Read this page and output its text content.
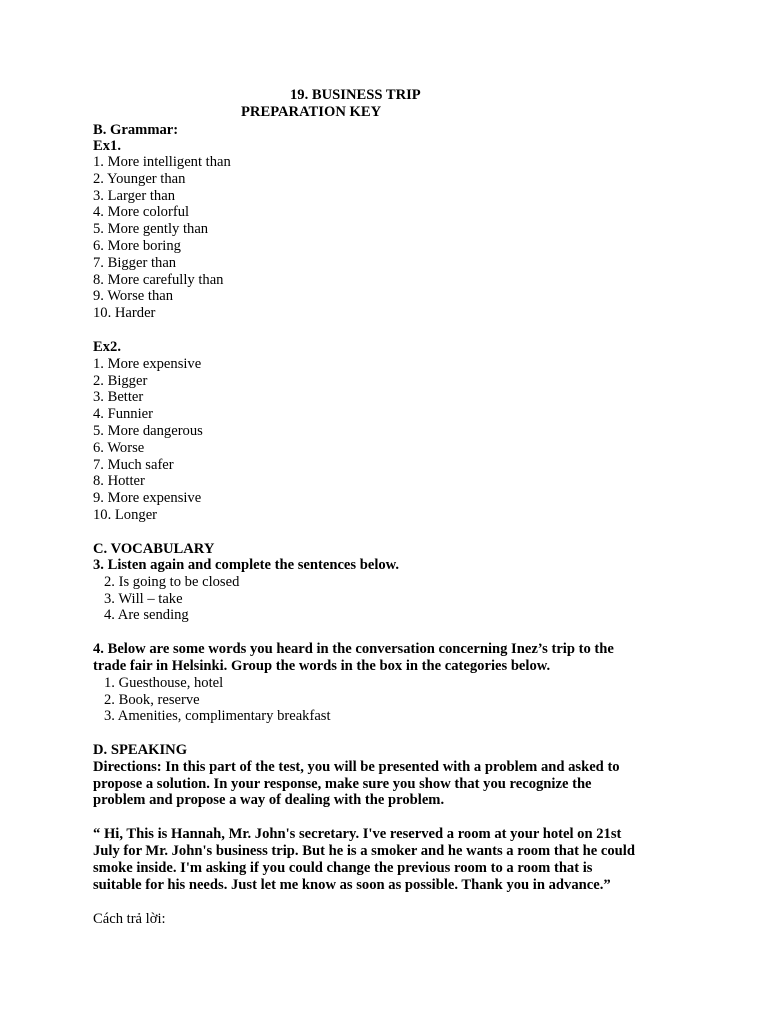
19. BUSINESS TRIP
PREPARATION KEY
B. Grammar:
Ex1.
1. More intelligent than
2. Younger than
3. Larger than
4. More colorful
5. More gently than
6. More boring
7. Bigger than
8. More carefully than
9. Worse than
10. Harder
Ex2.
1. More expensive
2. Bigger
3. Better
4. Funnier
5. More dangerous
6. Worse
7. Much safer
8. Hotter
9. More expensive
10. Longer
C. VOCABULARY
3. Listen again and complete the sentences below.
2. Is going to be closed
3. Will – take
4. Are sending
4. Below are some words you heard in the conversation concerning Inez’s trip to the
trade fair in Helsinki. Group the words in the box in the categories below.
1. Guesthouse, hotel
2. Book, reserve
3. Amenities, complimentary breakfast
D. SPEAKING
Directions: In this part of the test, you will be presented with a problem and asked to
propose a solution. In your response, make sure you show that you recognize the
problem and propose a way of dealing with the problem.
“ Hi, This is Hannah, Mr. John's secretary. I've reserved a room at your hotel on 21st
July for Mr. John's business trip. But he is a smoker and he wants a room that he could
smoke inside. I'm asking if you could change the previous room to a room that is
suitable for his needs. Just let me know as soon as possible. Thank you in advance.”
Cách trả lời:
